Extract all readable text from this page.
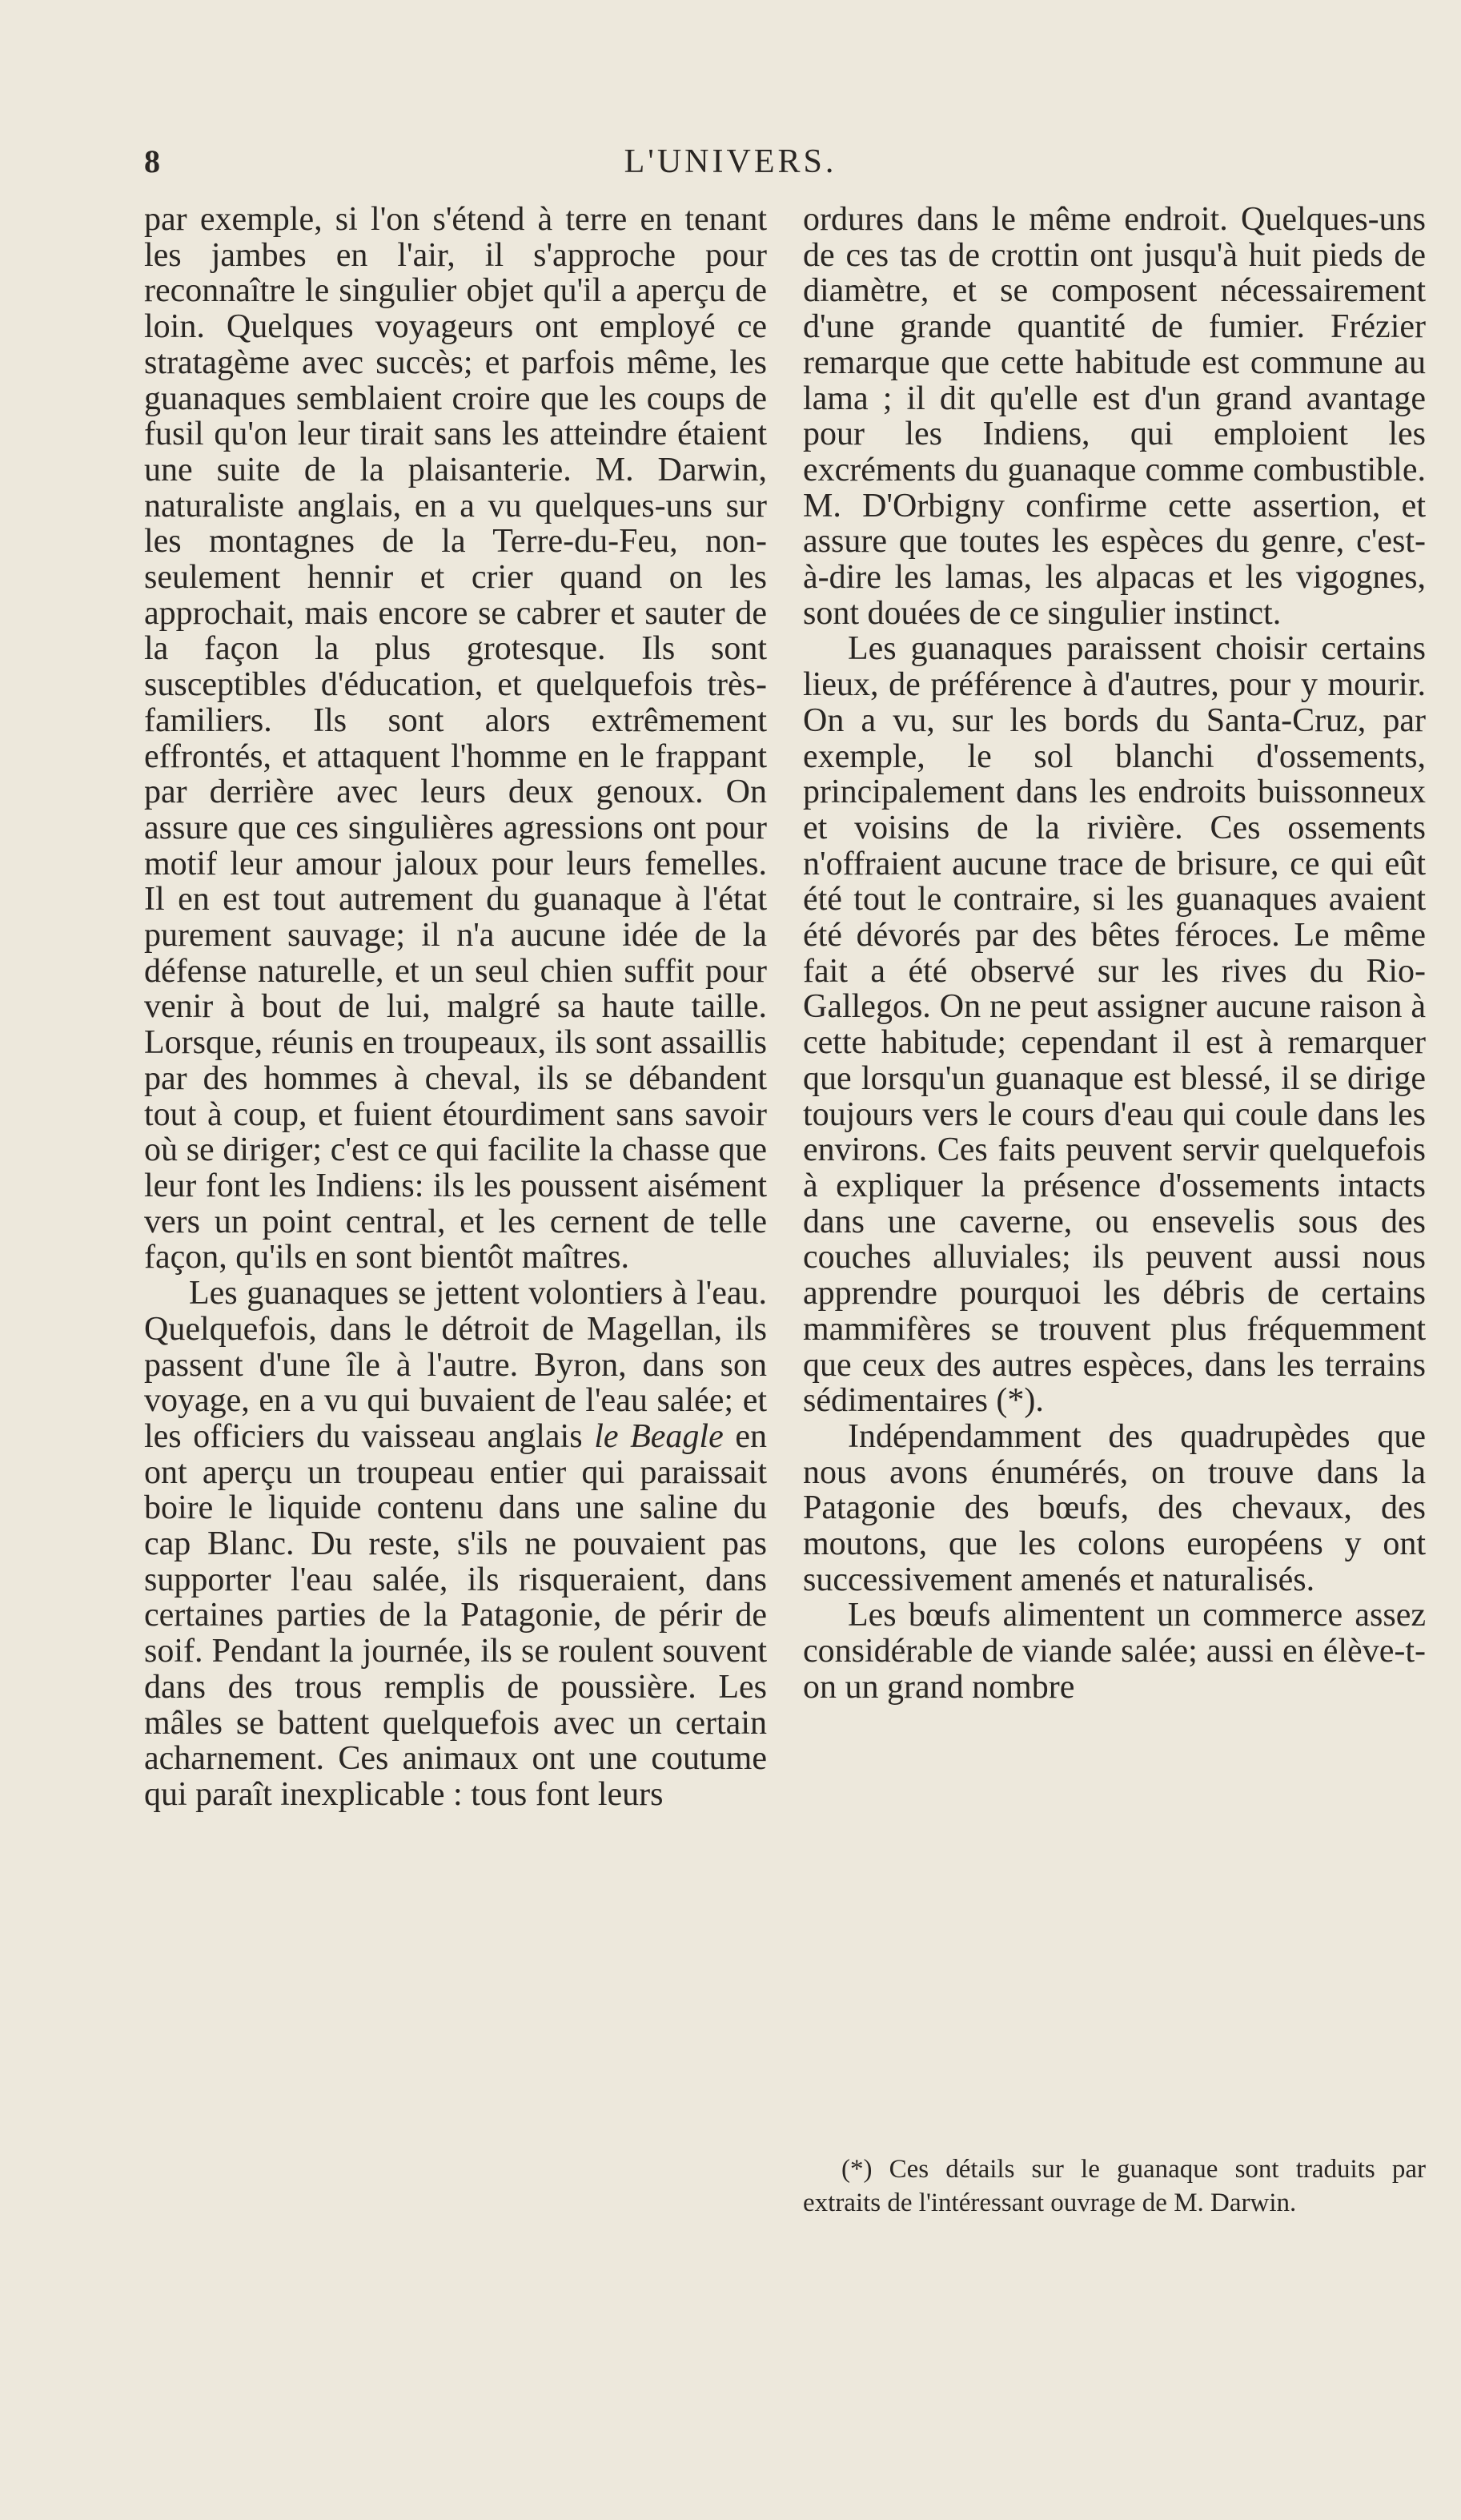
8	L'UNIVERS.

par exemple, si l'on s'étend à terre en tenant les jambes en l'air, il s'approche pour reconnaître le singulier objet qu'il a aperçu de loin. Quelques voyageurs ont employé ce stratagème avec succès; et parfois même, les guanaques semblaient croire que les coups de fusil qu'on leur tirait sans les atteindre étaient une suite de la plaisanterie. M. Darwin, naturaliste anglais, en a vu quelques-uns sur les montagnes de la Terre-du-Feu, non-seulement hennir et crier quand on les approchait, mais encore se cabrer et sauter de la façon la plus grotesque. Ils sont susceptibles d'éducation, et quelquefois très-familiers. Ils sont alors extrêmement effrontés, et attaquent l'homme en le frappant par derrière avec leurs deux genoux. On assure que ces singulières agressions ont pour motif leur amour jaloux pour leurs femelles. Il en est tout autrement du guanaque à l'état purement sauvage; il n'a aucune idée de la défense naturelle, et un seul chien suffit pour venir à bout de lui, malgré sa haute taille. Lorsque, réunis en troupeaux, ils sont assaillis par des hommes à cheval, ils se débandent tout à coup, et fuient étourdiment sans savoir où se diriger; c'est ce qui facilite la chasse que leur font les Indiens: ils les poussent aisément vers un point central, et les cernent de telle façon, qu'ils en sont bientôt maîtres.

Les guanaques se jettent volontiers à l'eau. Quelquefois, dans le détroit de Magellan, ils passent d'une île à l'autre. Byron, dans son voyage, en a vu qui buvaient de l'eau salée; et les officiers du vaisseau anglais le Beagle en ont aperçu un troupeau entier qui paraissait boire le liquide contenu dans une saline du cap Blanc. Du reste, s'ils ne pouvaient pas supporter l'eau salée, ils risqueraient, dans certaines parties de la Patagonie, de périr de soif. Pendant la journée, ils se roulent souvent dans des trous remplis de poussière. Les mâles se battent quelquefois avec un certain acharnement. Ces animaux ont une coutume qui paraît inexplicable : tous font leurs

ordures dans le même endroit. Quelques-uns de ces tas de crottin ont jusqu'à huit pieds de diamètre, et se composent nécessairement d'une grande quantité de fumier. Frézier remarque que cette habitude est commune au lama ; il dit qu'elle est d'un grand avantage pour les Indiens, qui emploient les excréments du guanaque comme combustible. M. D'Orbigny confirme cette assertion, et assure que toutes les espèces du genre, c'est-à-dire les lamas, les alpacas et les vigognes, sont douées de ce singulier instinct.

Les guanaques paraissent choisir certains lieux, de préférence à d'autres, pour y mourir. On a vu, sur les bords du Santa-Cruz, par exemple, le sol blanchi d'ossements, principalement dans les endroits buissonneux et voisins de la rivière. Ces ossements n'offraient aucune trace de brisure, ce qui eût été tout le contraire, si les guanaques avaient été dévorés par des bêtes féroces. Le même fait a été observé sur les rives du Rio-Gallegos. On ne peut assigner aucune raison à cette habitude; cependant il est à remarquer que lorsqu'un guanaque est blessé, il se dirige toujours vers le cours d'eau qui coule dans les environs. Ces faits peuvent servir quelquefois à expliquer la présence d'ossements intacts dans une caverne, ou ensevelis sous des couches alluviales; ils peuvent aussi nous apprendre pourquoi les débris de certains mammifères se trouvent plus fréquemment que ceux des autres espèces, dans les terrains sédimentaires (*).

Indépendamment des quadrupèdes que nous avons énumérés, on trouve dans la Patagonie des bœufs, des chevaux, des moutons, que les colons européens y ont successivement amenés et naturalisés.

Les bœufs alimentent un commerce assez considérable de viande salée; aussi en élève-t-on un grand nombre

(*) Ces détails sur le guanaque sont traduits par extraits de l'intéressant ouvrage de M. Darwin.
